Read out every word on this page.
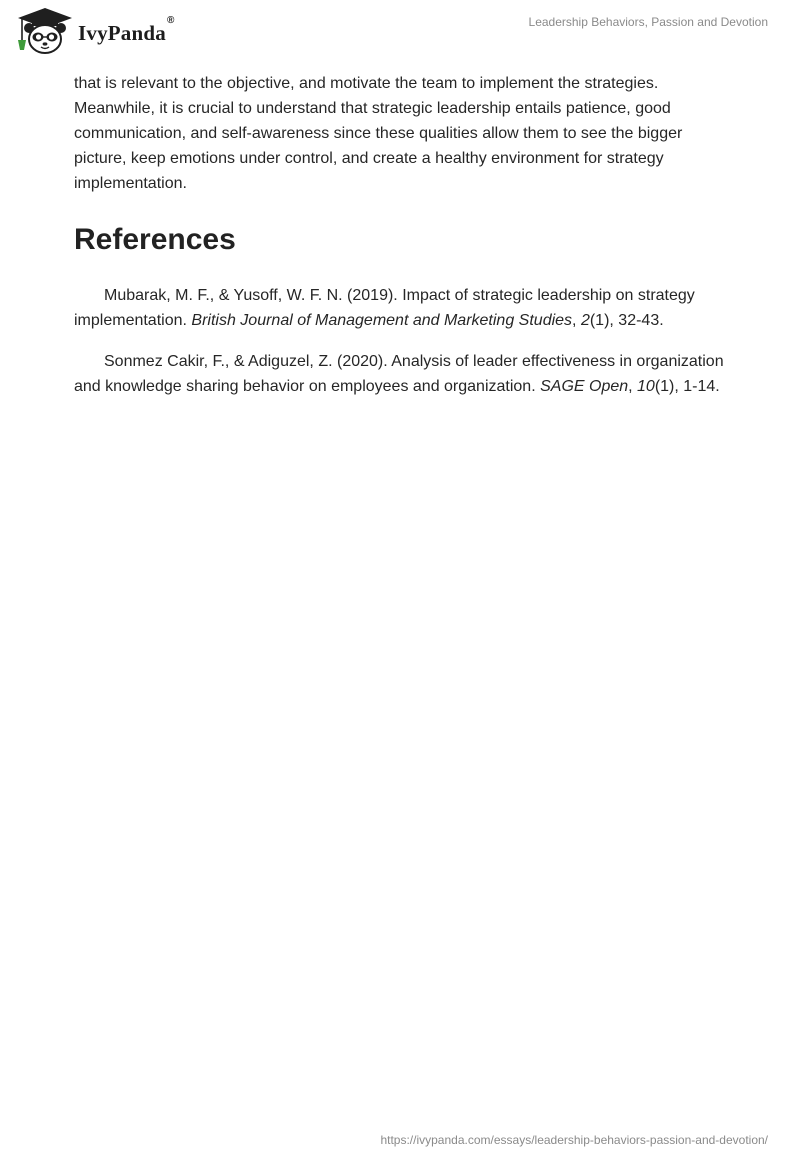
IvyPanda®	Leadership Behaviors, Passion and Devotion

that is relevant to the objective, and motivate the team to implement the strategies. Meanwhile, it is crucial to understand that strategic leadership entails patience, good communication, and self-awareness since these qualities allow them to see the bigger picture, keep emotions under control, and create a healthy environment for strategy implementation.

References

Mubarak, M. F., & Yusoff, W. F. N. (2019). Impact of strategic leadership on strategy implementation. British Journal of Management and Marketing Studies, 2(1), 32-43.

Sonmez Cakir, F., & Adiguzel, Z. (2020). Analysis of leader effectiveness in organization and knowledge sharing behavior on employees and organization. SAGE Open, 10(1), 1-14.

https://ivypanda.com/essays/leadership-behaviors-passion-and-devotion/
